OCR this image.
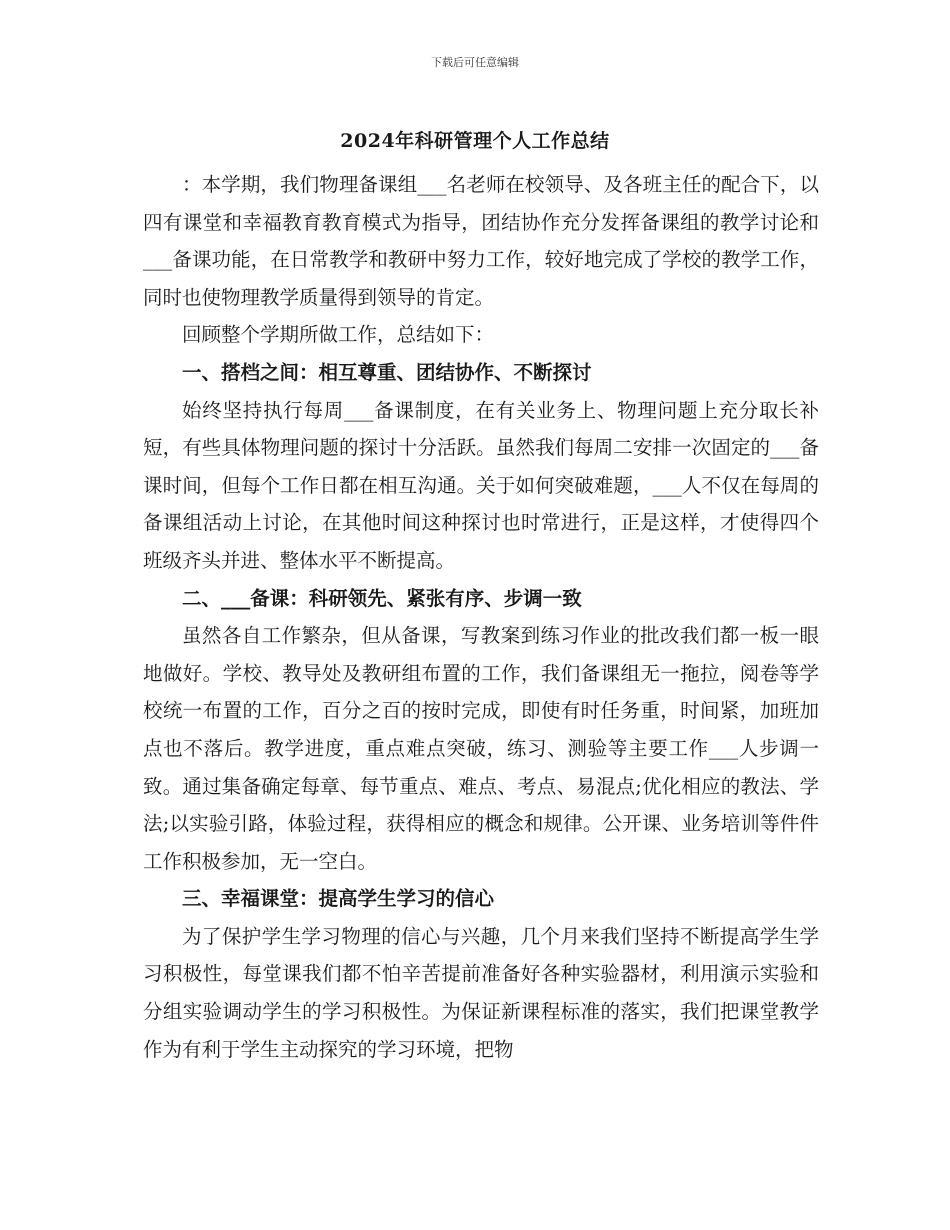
下载后可任意编辑
2024年科研管理个人工作总结

：本学期，我们物理备课组___名老师在校领导、及各班主任的配合下，以四有课堂和幸福教育教育模式为指导，团结协作充分发挥备课组的教学讨论和___备课功能，在日常教学和教研中努力工作，较好地完成了学校的教学工作，同时也使物理教学质量得到领导的肯定。

回顾整个学期所做工作，总结如下：

一、搭档之间：相互尊重、团结协作、不断探讨

始终坚持执行每周___备课制度，在有关业务上、物理问题上充分取长补短，有些具体物理问题的探讨十分活跃。虽然我们每周二安排一次固定的___备课时间，但每个工作日都在相互沟通。关于如何突破难题，___人不仅在每周的备课组活动上讨论，在其他时间这种探讨也时常进行，正是这样，才使得四个班级齐头并进、整体水平不断提高。

二、___备课：科研领先、紧张有序、步调一致

虽然各自工作繁杂，但从备课，写教案到练习作业的批改我们都一板一眼地做好。学校、教导处及教研组布置的工作，我们备课组无一拖拉，阅卷等学校统一布置的工作，百分之百的按时完成，即使有时任务重，时间紧，加班加点也不落后。教学进度，重点难点突破，练习、测验等主要工作___人步调一致。通过集备确定每章、每节重点、难点、考点、易混点;优化相应的教法、学法;以实验引路，体验过程，获得相应的概念和规律。公开课、业务培训等件件工作积极参加，无一空白。

三、幸福课堂：提高学生学习的信心

为了保护学生学习物理的信心与兴趣，几个月来我们坚持不断提高学生学习积极性，每堂课我们都不怕辛苦提前准备好各种实验器材，利用演示实验和分组实验调动学生的学习积极性。为保证新课程标准的落实，我们把课堂教学作为有利于学生主动探究的学习环境，把物
